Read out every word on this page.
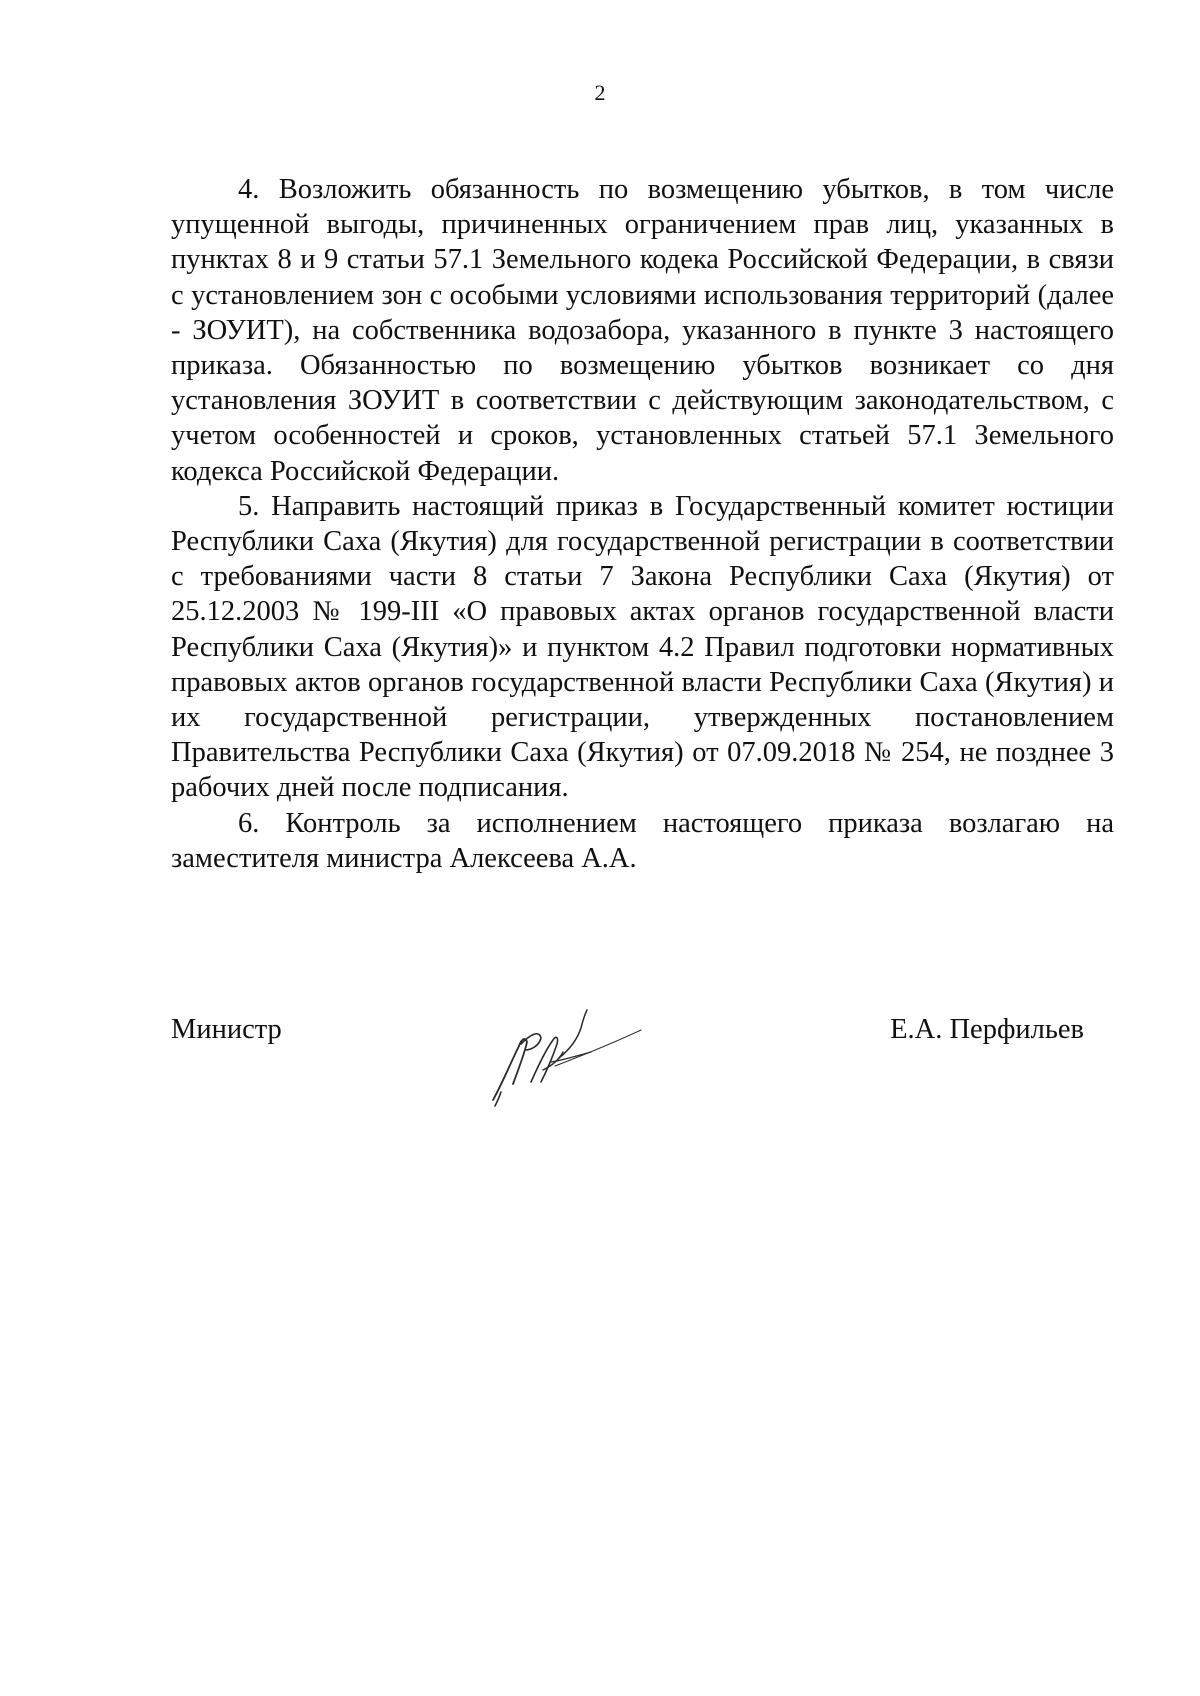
2

4. Возложить обязанность по возмещению убытков, в том числе упущенной выгоды, причиненных ограничением прав лиц, указанных в пунктах 8 и 9 статьи 57.1 Земельного кодека Российской Федерации, в связи с установлением зон с особыми условиями использования территорий (далее - ЗОУИТ), на собственника водозабора, указанного в пункте 3 настоящего приказа. Обязанностью по возмещению убытков возникает со дня установления ЗОУИТ в соответствии с действующим законодательством, с учетом особенностей и сроков, установленных статьей 57.1 Земельного кодекса Российской Федерации.

5. Направить настоящий приказ в Государственный комитет юстиции Республики Саха (Якутия) для государственной регистрации в соответствии с требованиями части 8 статьи 7 Закона Республики Саха (Якутия) от 25.12.2003 № 199-III «О правовых актах органов государственной власти Республики Саха (Якутия)» и пунктом 4.2 Правил подготовки нормативных правовых актов органов государственной власти Республики Саха (Якутия) и их государственной регистрации, утвержденных постановлением Правительства Республики Саха (Якутия) от 07.09.2018 № 254, не позднее 3 рабочих дней после подписания.

6. Контроль за исполнением настоящего приказа возлагаю на заместителя министра Алексеева А.А.

Министр	Е.А. Перфильев
